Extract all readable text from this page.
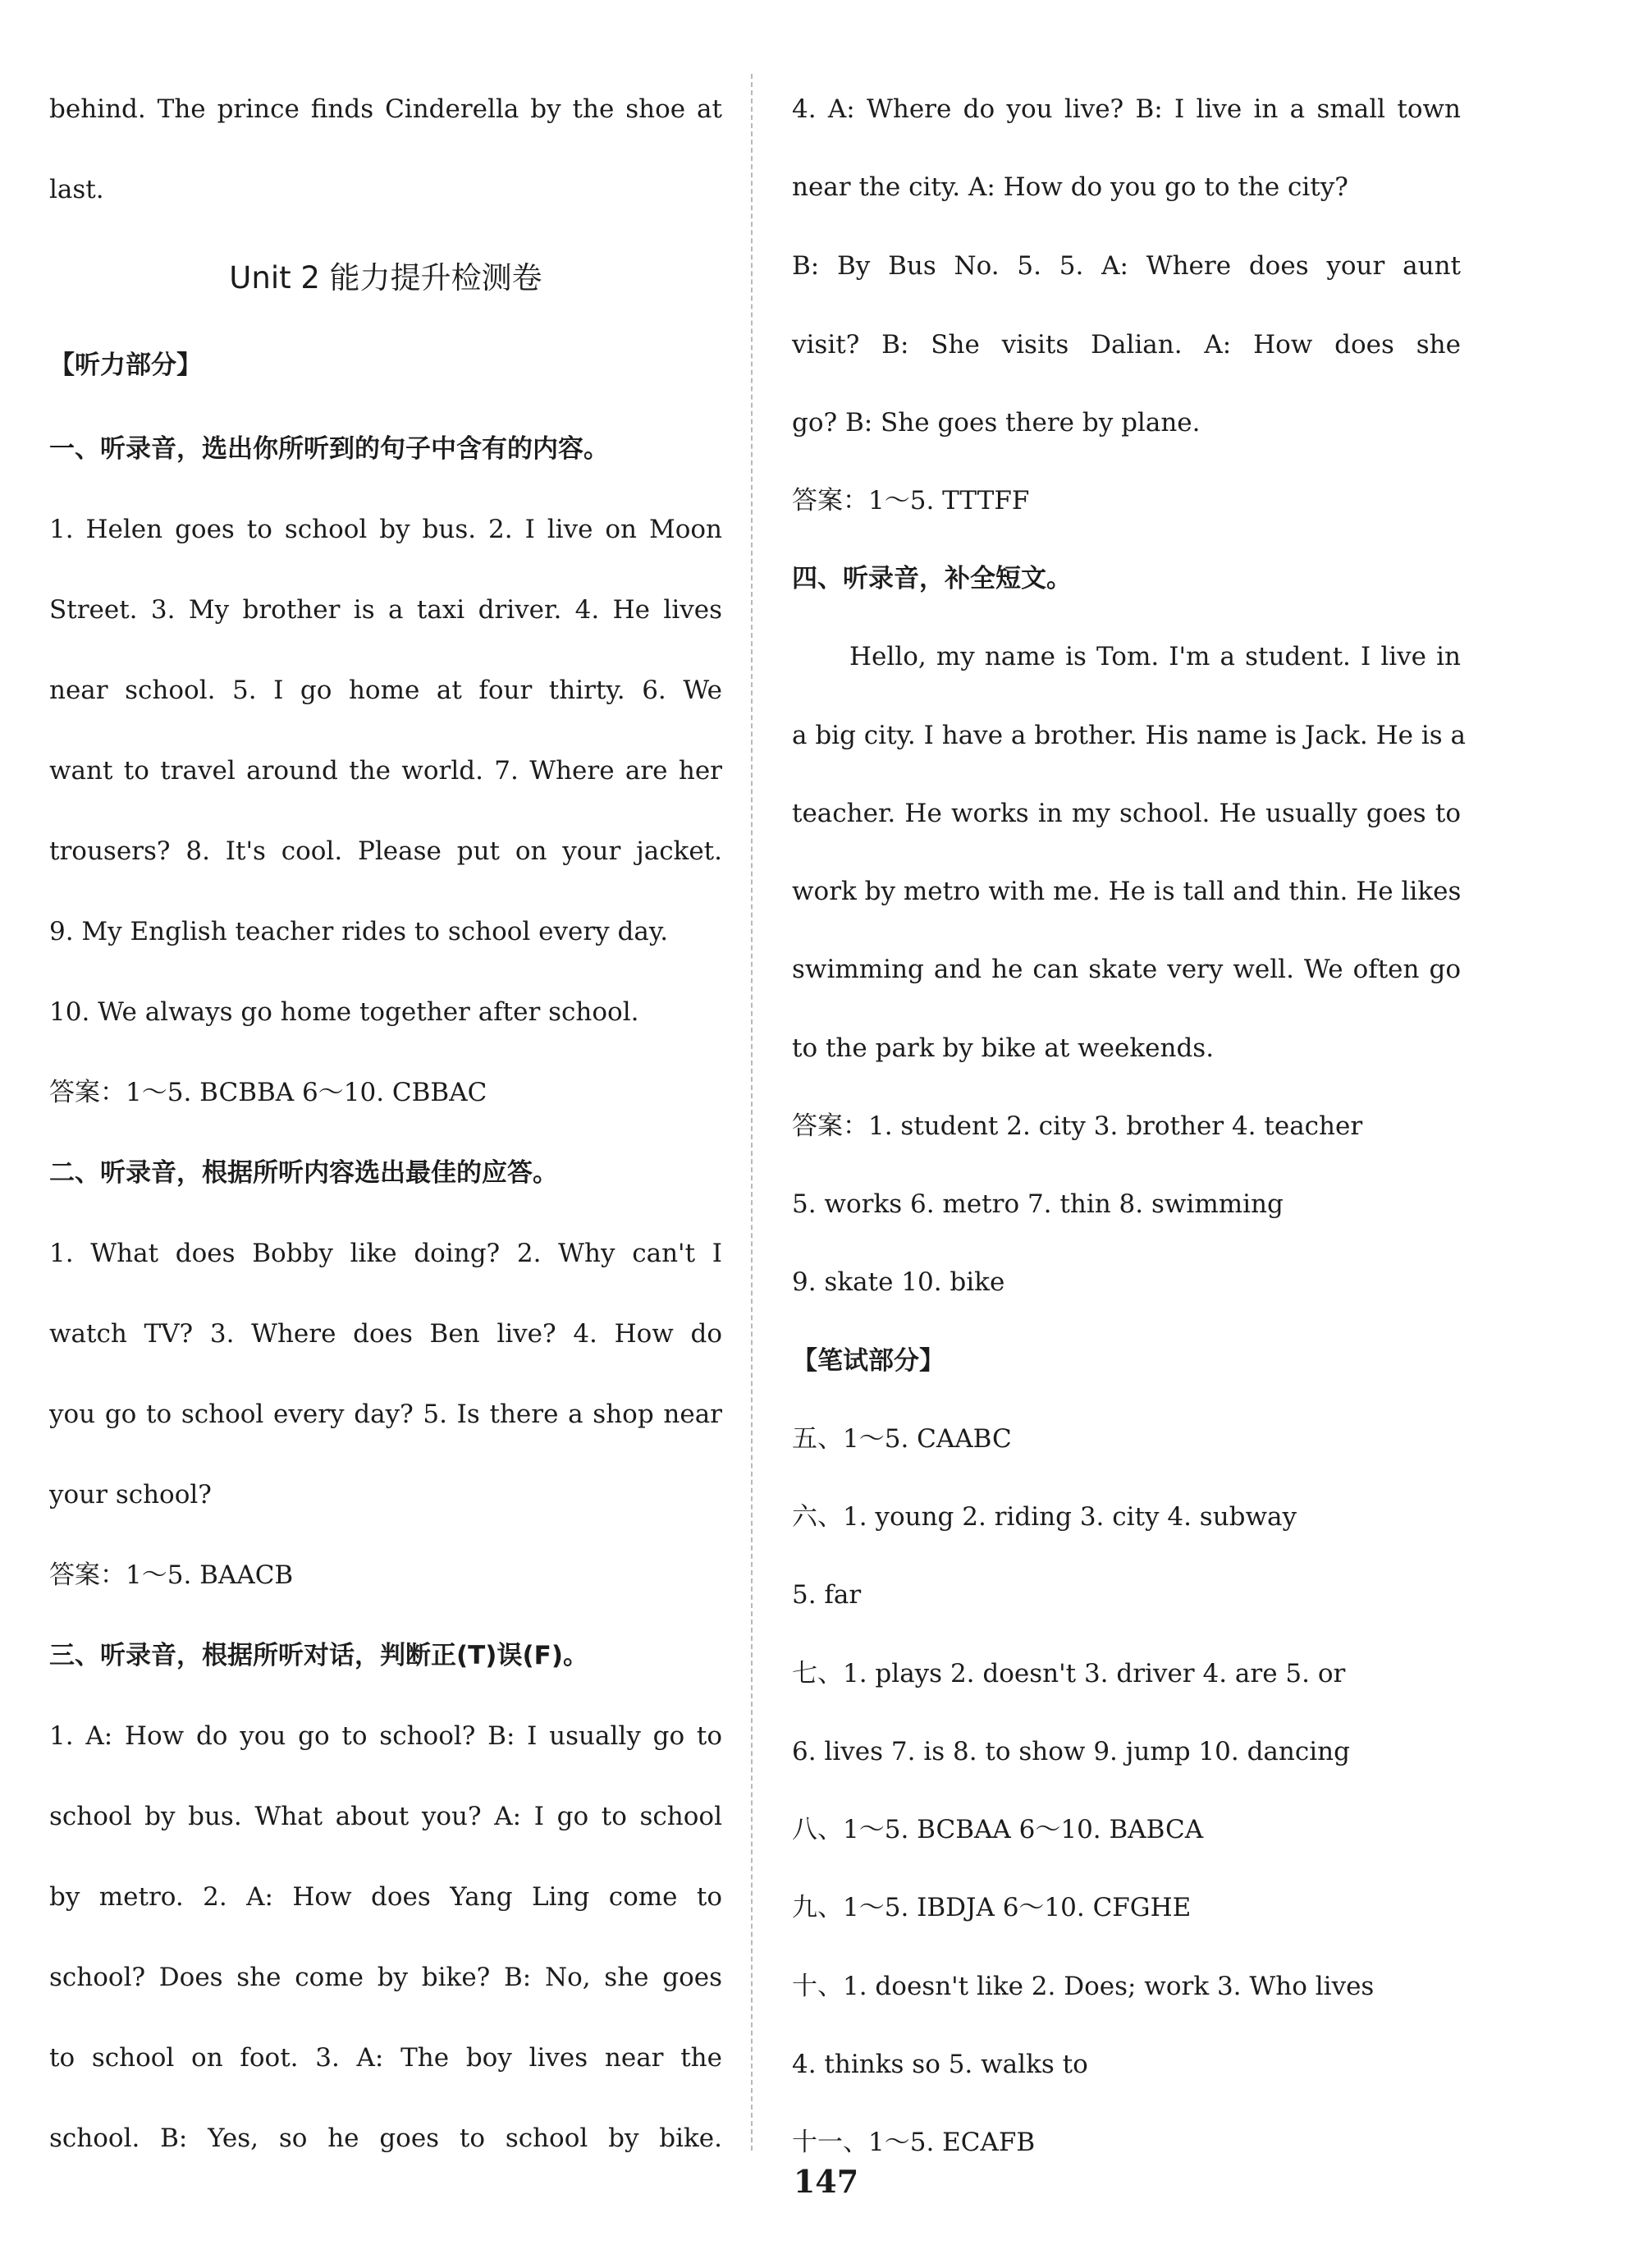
behind. The prince finds Cinderella by the shoe at
last.
Unit 2 能力提升检测卷
【听力部分】
一、听录音，选出你所听到的句子中含有的内容。
1. Helen goes to school by bus. 2. I live on Moon
Street. 3. My brother is a taxi driver. 4. He lives
near school. 5. I go home at four thirty. 6. We
want to travel around the world. 7. Where are her
trousers? 8. It's cool. Please put on your jacket.
9. My English teacher rides to school every day.
10. We always go home together after school.
答案：1～5. BCBBA 6～10. CBBAC
二、听录音，根据所听内容选出最佳的应答。
1. What does Bobby like doing? 2. Why can't I
watch TV? 3. Where does Ben live? 4. How do
you go to school every day? 5. Is there a shop near
your school?
答案：1～5. BAACB
三、听录音，根据所听对话，判断正(T)误(F)。
1. A: How do you go to school? B: I usually go to
school by bus. What about you? A: I go to school
by metro. 2. A: How does Yang Ling come to
school? Does she come by bike? B: No, she goes
to school on foot. 3. A: The boy lives near the
school. B: Yes, so he goes to school by bike.
4. A: Where do you live? B: I live in a small town
near the city. A: How do you go to the city?
B: By Bus No. 5. 5. A: Where does your aunt
visit? B: She visits Dalian. A: How does she
go? B: She goes there by plane.
答案：1～5. TTTFF
四、听录音，补全短文。
Hello, my name is Tom. I'm a student. I live in
a big city. I have a brother. His name is Jack. He is a
teacher. He works in my school. He usually goes to
work by metro with me. He is tall and thin. He likes
swimming and he can skate very well. We often go
to the park by bike at weekends.
答案：1. student 2. city 3. brother 4. teacher
5. works 6. metro 7. thin 8. swimming
9. skate 10. bike
【笔试部分】
五、1～5. CAABC
六、1. young 2. riding 3. city 4. subway
5. far
七、1. plays 2. doesn't 3. driver 4. are 5. or
6. lives 7. is 8. to show 9. jump 10. dancing
八、1～5. BCBAA 6～10. BABCA
九、1～5. IBDJA 6～10. CFGHE
十、1. doesn't like 2. Does; work 3. Who lives
4. thinks so 5. walks to
十一、1～5. ECAFB
147
